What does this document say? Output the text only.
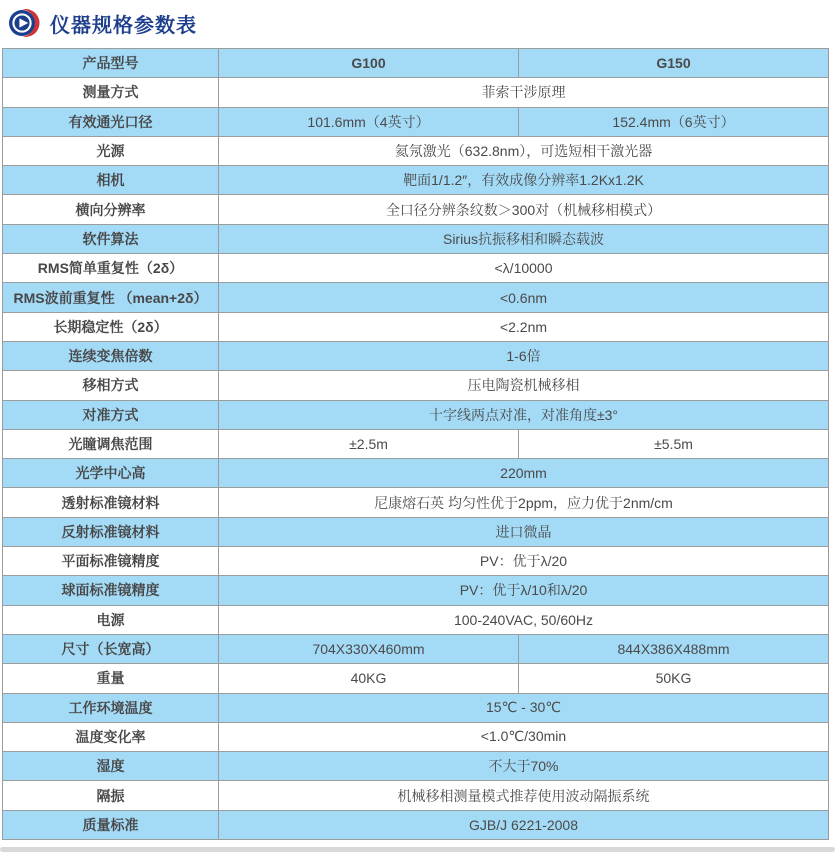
仪器规格参数表
产品型号	G100	G150
测量方式	菲索干涉原理	
有效通光口径	101.6mm（4英寸）	152.4mm（6英寸）
光源	氦氖激光（632.8nm），可选短相干激光器	
相机	靶面1/1.2″，有效成像分辨率1.2Kx1.2K	
横向分辨率	全口径分辨条纹数＞300对（机械移相模式）	
软件算法	Sirius抗振移相和瞬态载波	
RMS简单重复性（2δ）	<λ/10000	
RMS波前重复性 （mean+2δ）	<0.6nm	
长期稳定性（2δ）	<2.2nm	
连续变焦倍数	1-6倍	
移相方式	压电陶瓷机械移相	
对准方式	十字线两点对准，对准角度±3°	
光瞳调焦范围	±2.5m	±5.5m
光学中心高	220mm	
透射标准镜材料	尼康熔石英 均匀性优于2ppm，应力优于2nm/cm	
反射标准镜材料	进口微晶	
平面标准镜精度	PV：优于λ/20	
球面标准镜精度	PV：优于λ/10和λ/20	
电源	100-240VAC, 50/60Hz	
尺寸（长宽高）	704X330X460mm	844X386X488mm
重量	40KG	50KG
工作环境温度	15℃ - 30℃	
温度变化率	<1.0℃/30min	
湿度	不大于70%	
隔振	机械移相测量模式推荐使用波动隔振系统	
质量标准	GJB/J 6221-2008	
